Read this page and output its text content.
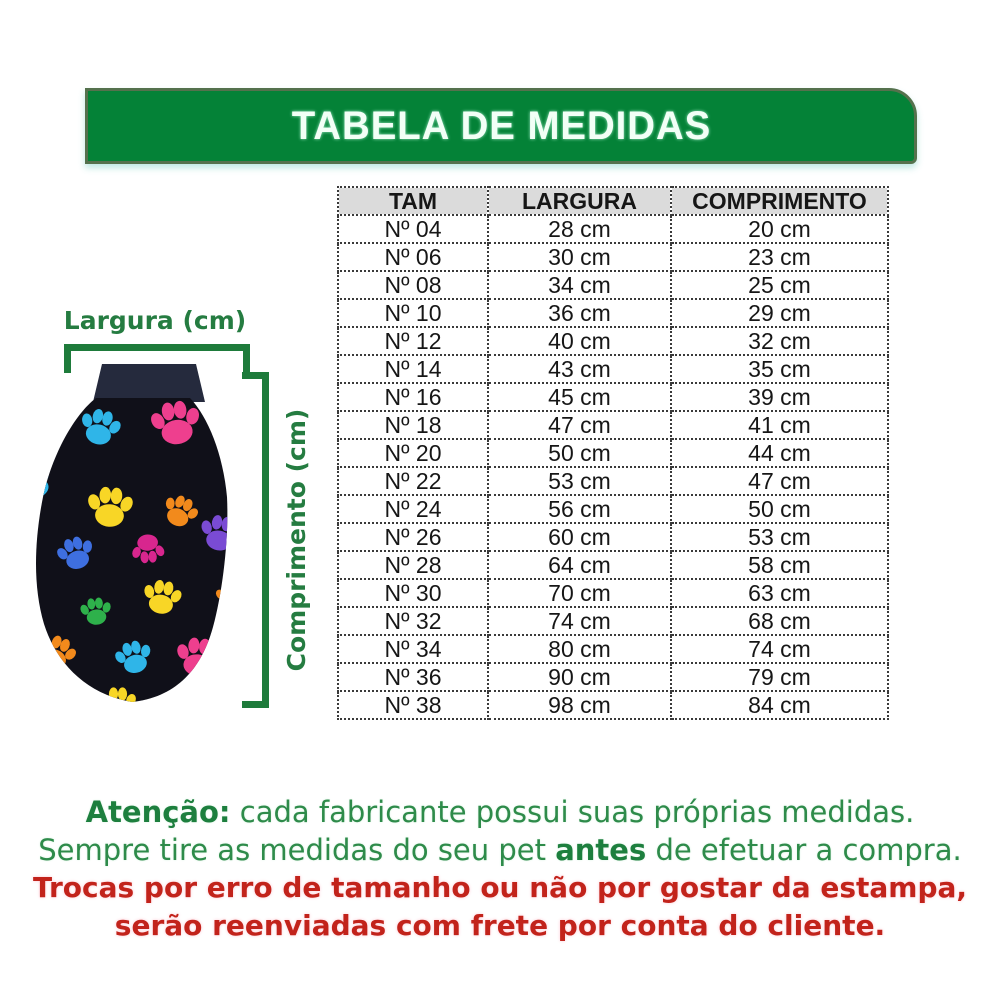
TABELA DE MEDIDAS
TAM	LARGURA	COMPRIMENTO
Nº 04	28 cm	20 cm
Nº 06	30 cm	23 cm
Nº 08	34 cm	25 cm
Nº 10	36 cm	29 cm
Nº 12	40 cm	32 cm
Nº 14	43 cm	35 cm
Nº 16	45 cm	39 cm
Nº 18	47 cm	41 cm
Nº 20	50 cm	44 cm
Nº 22	53 cm	47 cm
Nº 24	56 cm	50 cm
Nº 26	60 cm	53 cm
Nº 28	64 cm	58 cm
Nº 30	70 cm	63 cm
Nº 32	74 cm	68 cm
Nº 34	80 cm	74 cm
Nº 36	90 cm	79 cm
Nº 38	98 cm	84 cm
Largura (cm)
Comprimento (cm)

Atenção: cada fabricante possui suas próprias medidas.

Sempre tire as medidas do seu pet antes de efetuar a compra.

Trocas por erro de tamanho ou não por gostar da estampa,

serão reenviadas com frete por conta do cliente.
